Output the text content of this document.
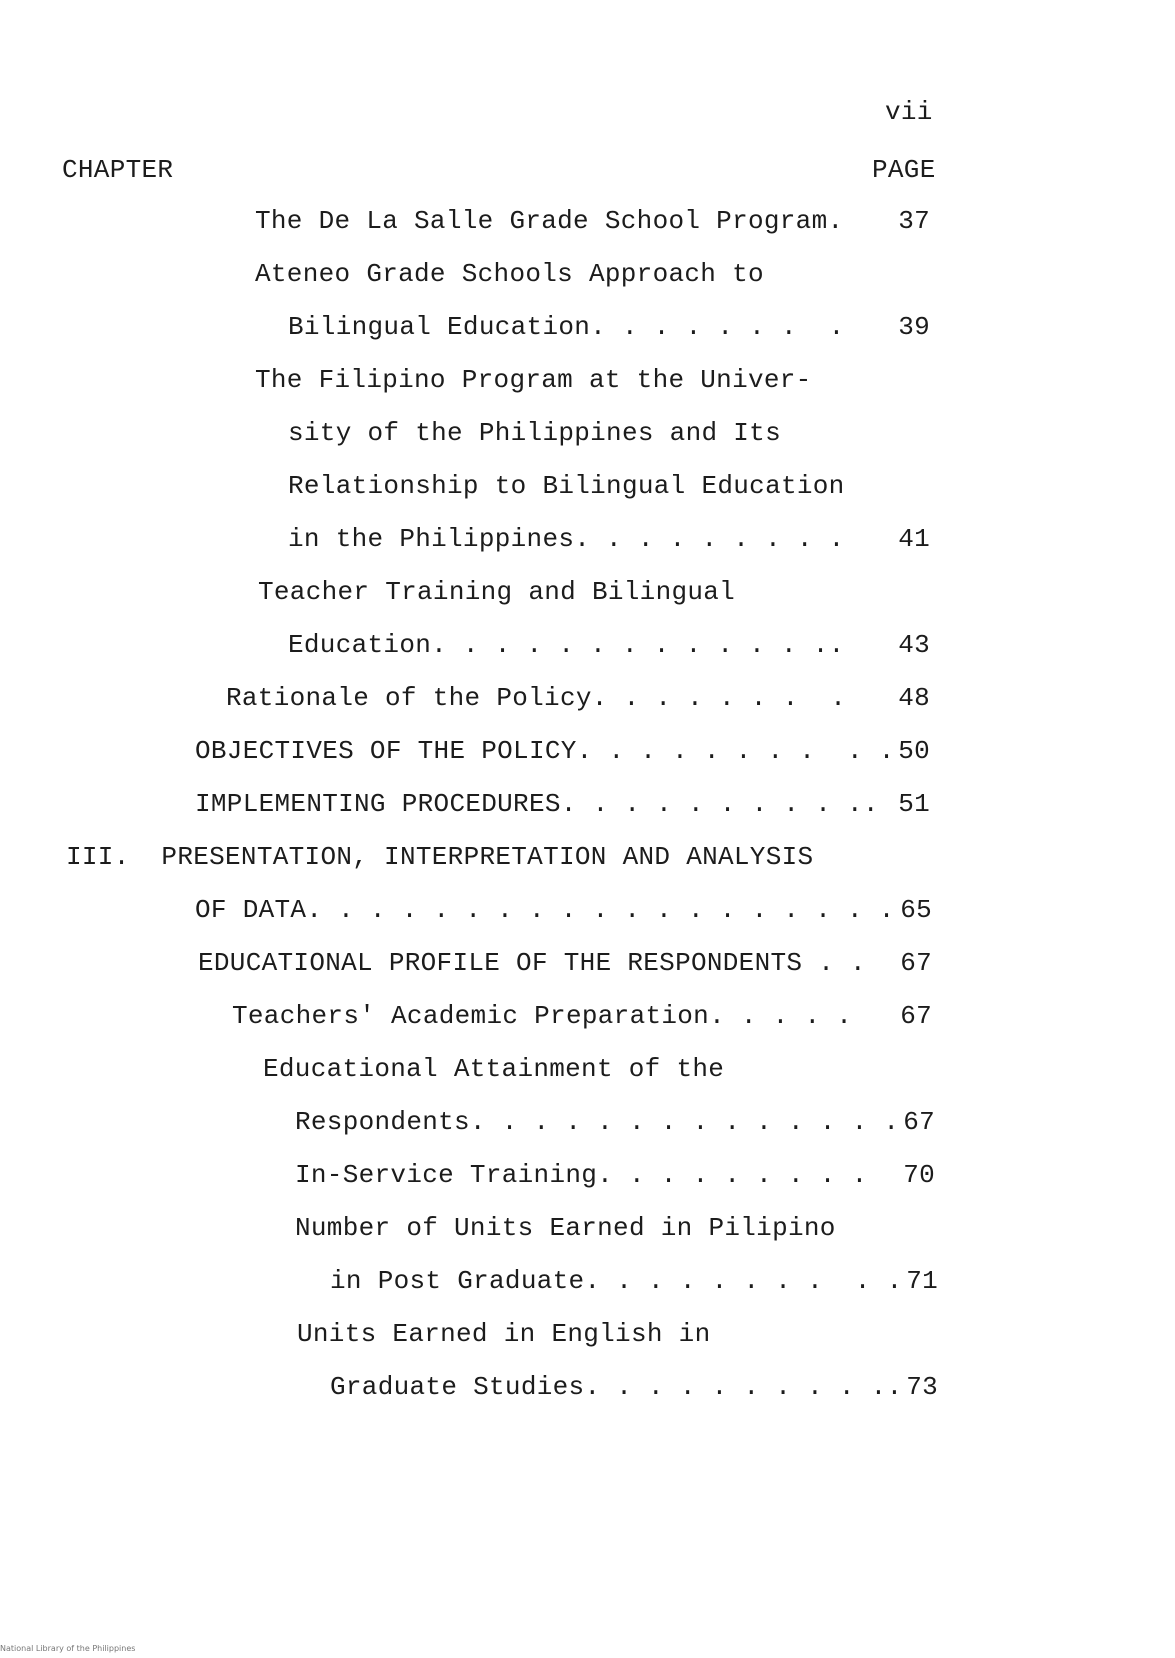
vii
CHAPTER	PAGE
The De La Salle Grade School Program.	37
Ateneo Grade Schools Approach to
Bilingual Education. . . . . . .  .	39
The Filipino Program at the Univer-
sity of the Philippines and Its
Relationship to Bilingual Education
in the Philippines. . . . . . . . .	41
Teacher Training and Bilingual
Education. . . . . . . . . . . . ..	43
Rationale of the Policy. . . . . . .  .	48
OBJECTIVES OF THE POLICY. . . . . . . .  . . 50
IMPLEMENTING PROCEDURES. . . . . . . . . .. 51
III.  PRESENTATION, INTERPRETATION AND ANALYSIS
OF DATA. . . . . . . . . . . . . . . . . . . 65
EDUCATIONAL PROFILE OF THE RESPONDENTS . .	67
Teachers' Academic Preparation. . . . .	67
Educational Attainment of the
Respondents. . . . . . . . . . . . . . 67
In-Service Training. . . . . . . . .	70
Number of Units Earned in Pilipino
in Post Graduate. . . . . . . .  . . 71
Units Earned in English in
Graduate Studies. . . . . . . . . .. 73
National Library of the Philippines
